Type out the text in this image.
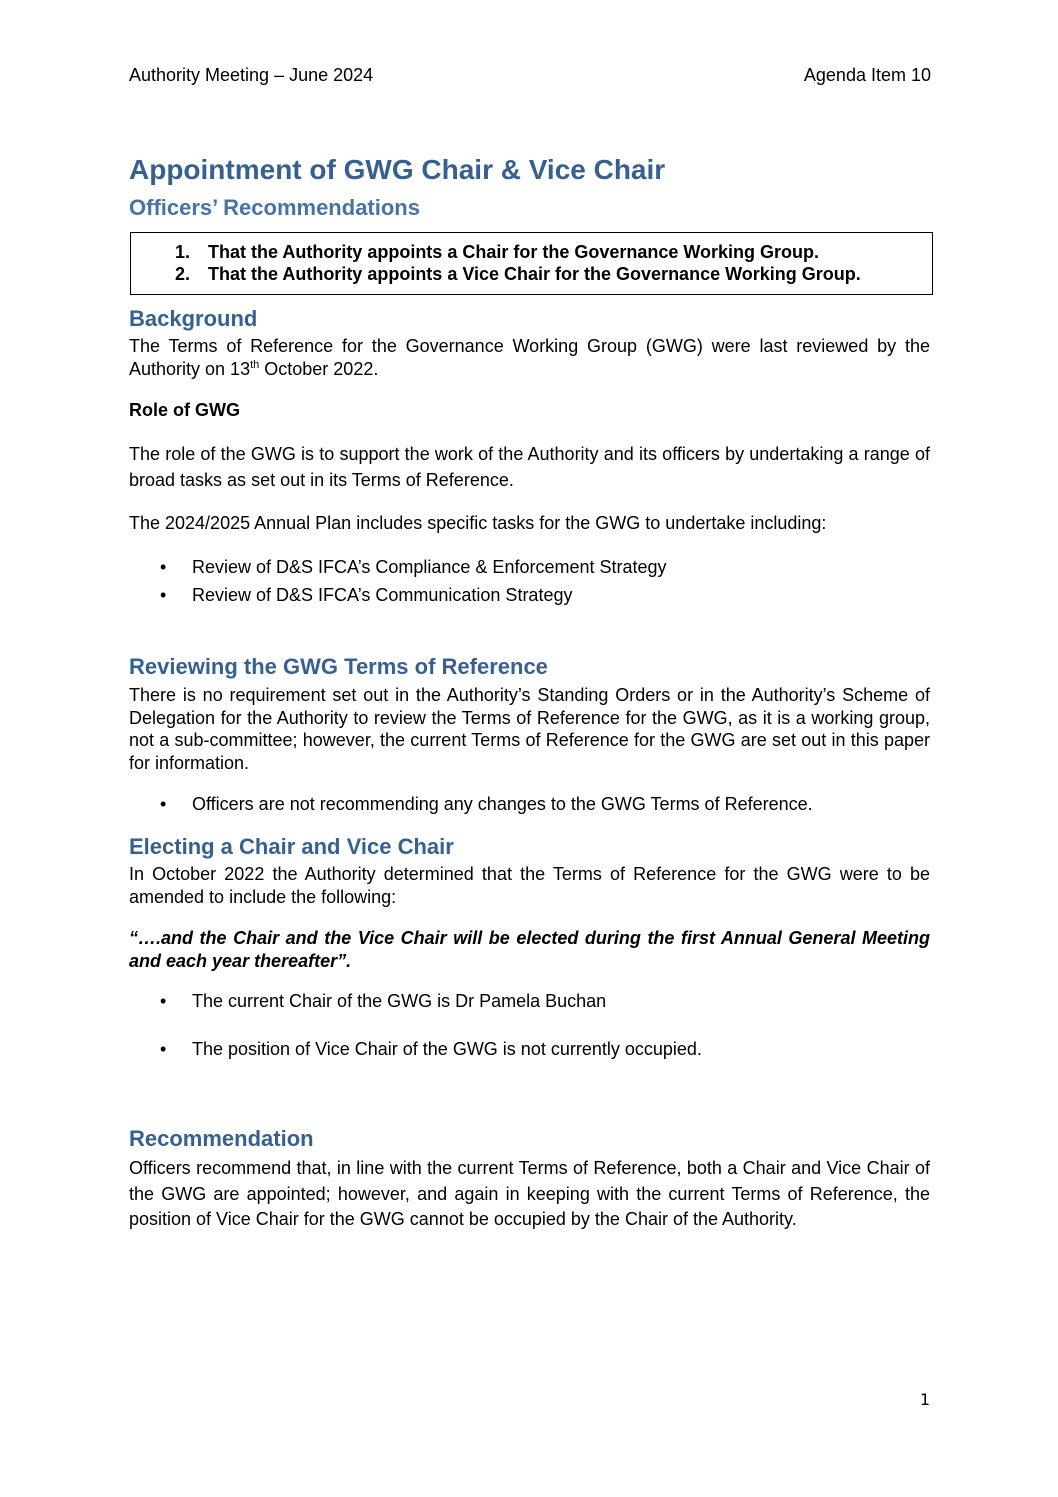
Authority Meeting – June 2024	Agenda Item 10
Appointment of GWG Chair & Vice Chair
Officers’ Recommendations
1. That the Authority appoints a Chair for the Governance Working Group.
2. That the Authority appoints a Vice Chair for the Governance Working Group.
Background
The Terms of Reference for the Governance Working Group (GWG) were last reviewed by the Authority on 13th October 2022.
Role of GWG
The role of the GWG is to support the work of the Authority and its officers by undertaking a range of broad tasks as set out in its Terms of Reference.
The 2024/2025 Annual Plan includes specific tasks for the GWG to undertake including:
• Review of D&S IFCA’s Compliance & Enforcement Strategy
• Review of D&S IFCA’s Communication Strategy
Reviewing the GWG Terms of Reference
There is no requirement set out in the Authority’s Standing Orders or in the Authority’s Scheme of Delegation for the Authority to review the Terms of Reference for the GWG, as it is a working group, not a sub-committee; however, the current Terms of Reference for the GWG are set out in this paper for information.
• Officers are not recommending any changes to the GWG Terms of Reference.
Electing a Chair and Vice Chair
In October 2022 the Authority determined that the Terms of Reference for the GWG were to be amended to include the following:
“….and the Chair and the Vice Chair will be elected during the first Annual General Meeting and each year thereafter”.
• The current Chair of the GWG is Dr Pamela Buchan
• The position of Vice Chair of the GWG is not currently occupied.
Recommendation
Officers recommend that, in line with the current Terms of Reference, both a Chair and Vice Chair of the GWG are appointed; however, and again in keeping with the current Terms of Reference, the position of Vice Chair for the GWG cannot be occupied by the Chair of the Authority.
1
